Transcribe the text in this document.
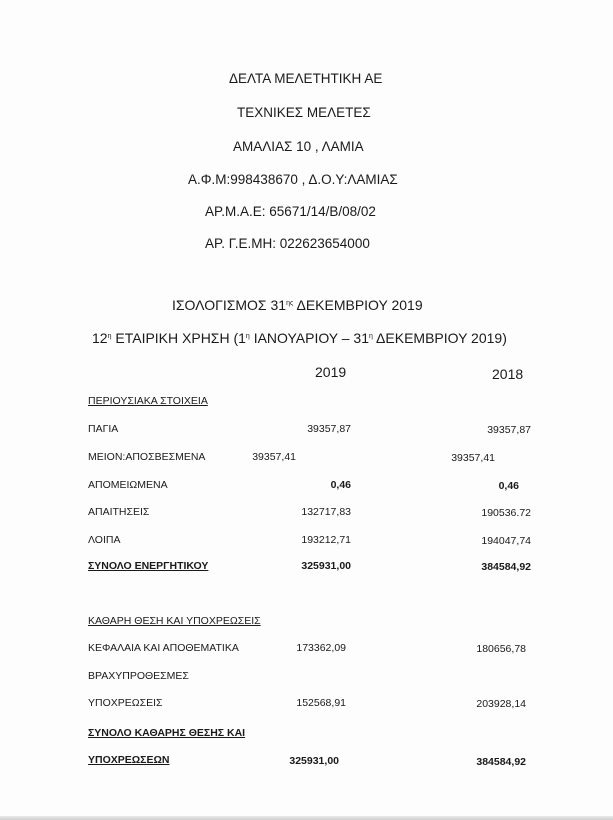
ΔΕΛΤΑ ΜΕΛΕΤΗΤΙΚΗ ΑΕ
ΤΕΧΝΙΚΕΣ ΜΕΛΕΤΕΣ
ΑΜΑΛΙΑΣ 10 , ΛΑΜΙΑ
Α.Φ.Μ:998438670 , Δ.Ο.Υ:ΛΑΜΙΑΣ
ΑΡ.Μ.Α.Ε: 65671/14/Β/08/02
ΑΡ. Γ.Ε.ΜΗ: 022623654000
ΙΣΟΛΟΓΙΣΜΟΣ $31^{\eta\varsigma}$ ΔΕΚΕΜΒΡΙΟΥ 2019
$12^\eta$ ΕΤΑΙΡΙΚΗ ΧΡΗΣΗ ($1^\eta$ ΙΑΝΟΥΑΡΙΟΥ – $31^\eta$ ΔΕΚΕΜΒΡΙΟΥ 2019)
2019	2018
ΠΕΡΙΟΥΣΙΑΚΑ ΣΤΟΙΧΕΙΑ
ΠΑΓΙΑ	39357,87	39357,87
ΜΕΙΟΝ:ΑΠΟΣΒΕΣΜΕΝΑ	39357,41	39357,41
ΑΠΟΜΕΙΩΜΕΝΑ	0,46	0,46
ΑΠΑΙΤΗΣΕΙΣ	132717,83	190536.72
ΛΟΙΠΑ	193212,71	194047,74
ΣΥΝΟΛΟ ΕΝΕΡΓΗΤΙΚΟΥ	325931,00	384584,92
ΚΑΘΑΡΗ ΘΕΣΗ ΚΑΙ ΥΠΟΧΡΕΩΣΕΙΣ
ΚΕΦΑΛΑΙΑ ΚΑΙ ΑΠΟΘΕΜΑΤΙΚΑ	173362,09	180656,78
ΒΡΑΧΥΠΡΟΘΕΣΜΕΣ
ΥΠΟΧΡΕΩΣΕΙΣ	152568,91	203928,14
ΣΥΝΟΛΟ ΚΑΘΑΡΗΣ ΘΕΣΗΣ ΚΑΙ
ΥΠΟΧΡΕΩΣΕΩΝ	325931,00	384584,92
